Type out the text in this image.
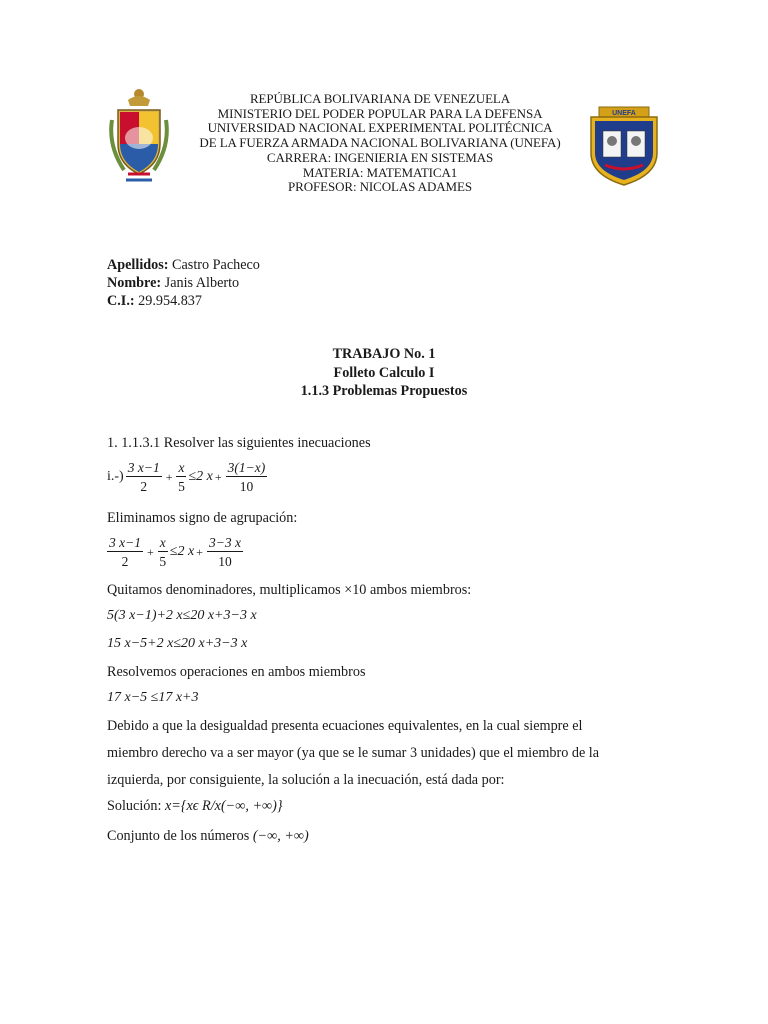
UNEFA
REPÚBLICA BOLIVARIANA DE VENEZUELA
MINISTERIO DEL PODER POPULAR PARA LA DEFENSA
UNIVERSIDAD NACIONAL EXPERIMENTAL POLITÉCNICA
DE LA FUERZA ARMADA NACIONAL BOLIVARIANA (UNEFA)
CARRERA: INGENIERIA EN SISTEMAS
MATERIA: MATEMATICA1
PROFESOR: NICOLAS ADAMES
Apellidos: Castro Pacheco
Nombre: Janis Alberto
C.I.: 29.954.837
TRABAJO No. 1
Folleto Calculo I
1.1.3 Problemas Propuestos
1. 1.1.3.1 Resolver las siguientes inecuaciones
$i.-) \frac{3 x-1}{2} + \frac{x}{5} \le 2$ $x + \frac{3(1-x)}{10}$
Eliminamos signo de agrupación:
$\frac{3 x-1}{2} + \frac{x}{5} \le 2$ $x + \frac{3-3 x}{10}$
Quitamos denominadores, multiplicamos ×10 ambos miembros:
5(3 x−1)+2 x≤20 x+3−3 x
15 x−5+2 x≤20 x+3−3 x
Resolvemos operaciones en ambos miembros
17 x−5 ≤17 x+3
Debido a que la desigualdad presenta ecuaciones equivalentes, en la cual siempre el miembro derecho va a ser mayor (ya que se le sumar 3 unidades) que el miembro de la izquierda, por consiguiente, la solución a la inecuación, está dada por:
Solución: x={xϵ R/x(−∞, +∞)}
Conjunto de los números (−∞, +∞)
